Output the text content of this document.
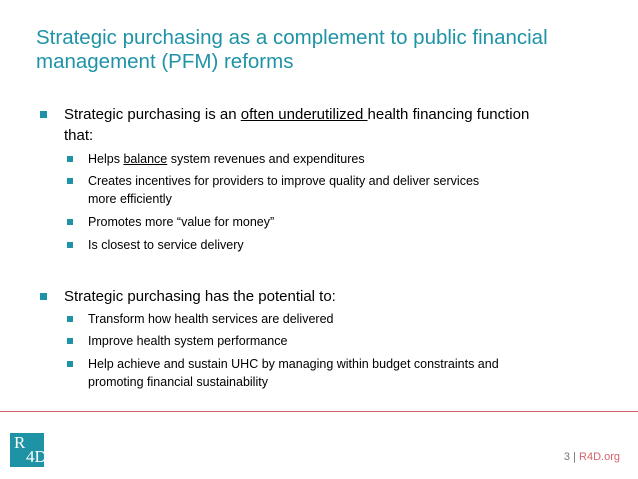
Strategic purchasing as a complement to public financial
management (PFM) reforms
Strategic purchasing is an often underutilized health financing function
that:
Helps balance system revenues and expenditures
Creates incentives for providers to improve quality and deliver services
more efficiently
Promotes more “value for money”
Is closest to service delivery
Strategic purchasing has the potential to:
Transform how health services are delivered
Improve health system performance
Help achieve and sustain UHC by managing within budget constraints and
promoting financial sustainability
R
4D	3 | R4D.org
